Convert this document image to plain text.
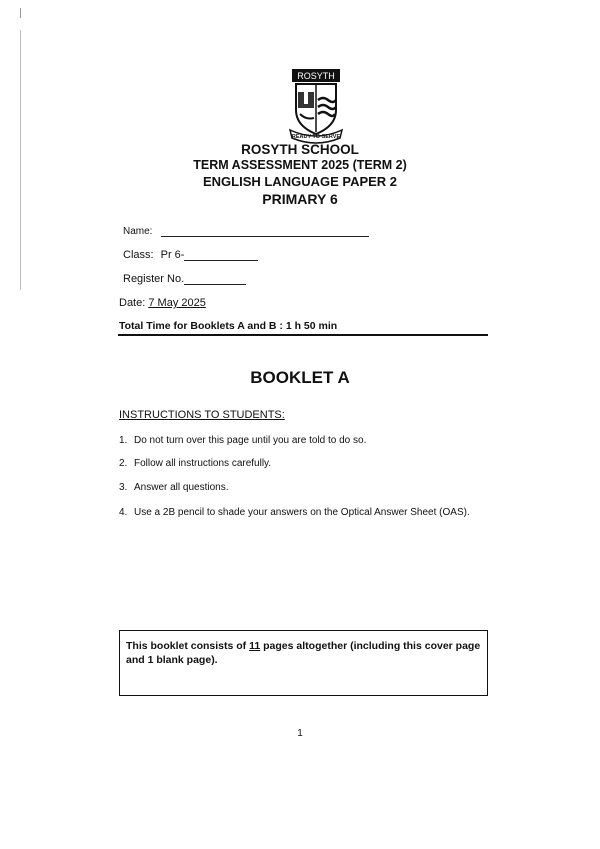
ROSYTH
READY TO SERVE
ROSYTH SCHOOL
TERM ASSESSMENT 2025 (TERM 2)
ENGLISH LANGUAGE PAPER 2
PRIMARY 6
Name:
Class: Pr 6-
Register No.
Date: 7 May 2025
Total Time for Booklets A and B : 1 h 50 min
BOOKLET A
INSTRUCTIONS TO STUDENTS:
1. Do not turn over this page until you are told to do so.
2. Follow all instructions carefully.
3. Answer all questions.
4. Use a 2B pencil to shade your answers on the Optical Answer Sheet (OAS).
This booklet consists of 11 pages altogether (including this cover page and 1 blank page).
1
